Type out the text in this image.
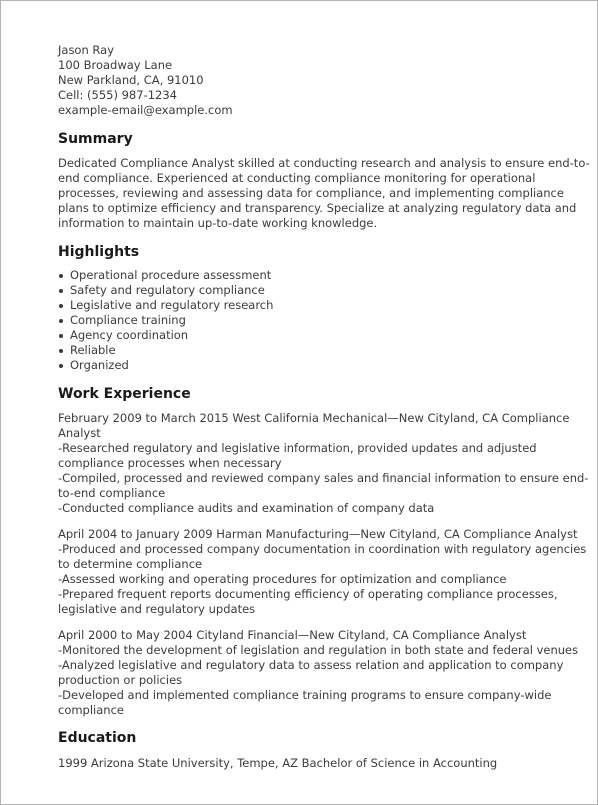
Jason Ray
100 Broadway Lane
New Parkland, CA, 91010
Cell: (555) 987-1234
example-email@example.com
Summary

Dedicated Compliance Analyst skilled at conducting research and analysis to ensure end-to-end compliance. Experienced at conducting compliance monitoring for operational processes, reviewing and assessing data for compliance, and implementing compliance plans to optimize efficiency and transparency. Specialize at analyzing regulatory data and information to maintain up-to-date working knowledge.

Highlights
Operational procedure assessment
Safety and regulatory compliance
Legislative and regulatory research
Compliance training
Agency coordination
Reliable
Organized
Work Experience
February 2009 to March 2015 West California Mechanical—New Cityland, CA Compliance Analyst
-Researched regulatory and legislative information, provided updates and adjusted compliance processes when necessary
-Compiled, processed and reviewed company sales and financial information to ensure end-to-end compliance
-Conducted compliance audits and examination of company data
April 2004 to January 2009 Harman Manufacturing—New Cityland, CA Compliance Analyst
-Produced and processed company documentation in coordination with regulatory agencies to determine compliance
-Assessed working and operating procedures for optimization and compliance
-Prepared frequent reports documenting efficiency of operating compliance processes, legislative and regulatory updates
April 2000 to May 2004 Cityland Financial—New Cityland, CA Compliance Analyst
-Monitored the development of legislation and regulation in both state and federal venues
-Analyzed legislative and regulatory data to assess relation and application to company production or policies
-Developed and implemented compliance training programs to ensure company-wide compliance
Education
1999 Arizona State University, Tempe, AZ Bachelor of Science in Accounting
